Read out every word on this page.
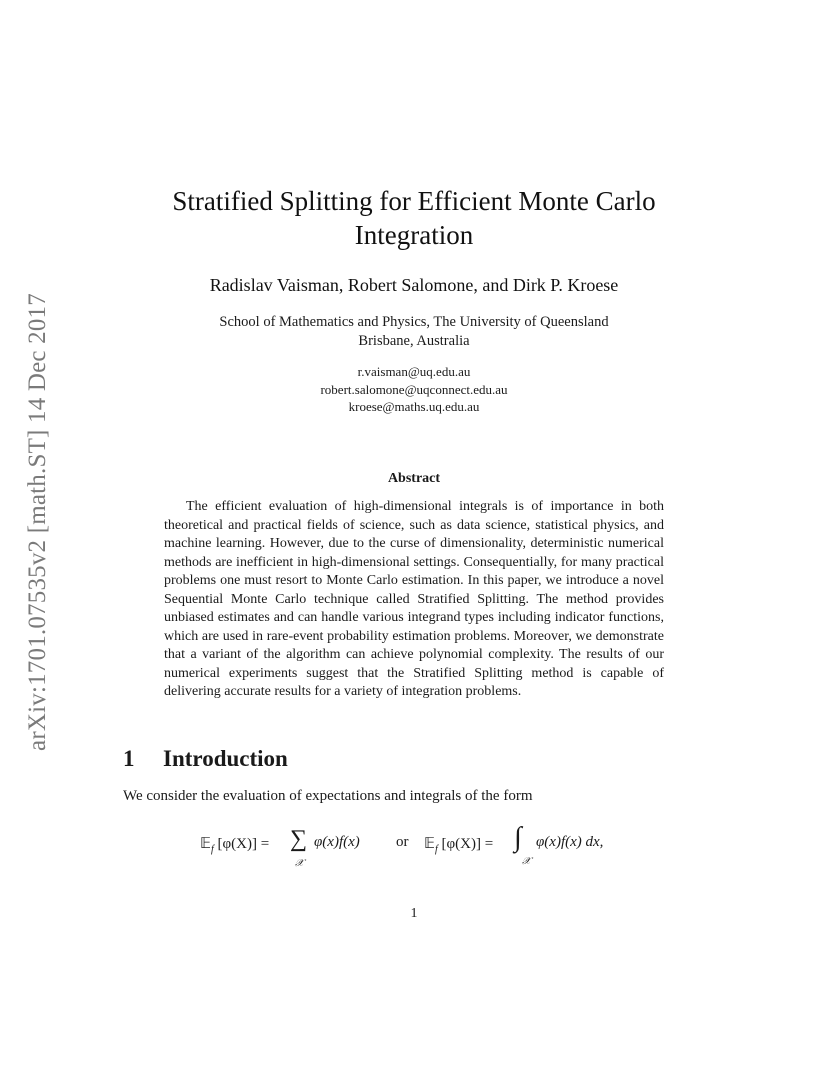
arXiv:1701.07535v2 [math.ST] 14 Dec 2017
Stratified Splitting for Efficient Monte Carlo
Integration
Radislav Vaisman, Robert Salomone, and Dirk P. Kroese
School of Mathematics and Physics, The University of Queensland
Brisbane, Australia
r.vaisman@uq.edu.au
robert.salomone@uqconnect.edu.au
kroese@maths.uq.edu.au
Abstract

The efficient evaluation of high-dimensional integrals is of importance in both theoretical and practical fields of science, such as data science, statistical physics, and machine learning. However, due to the curse of dimensionality, deterministic numerical methods are inefficient in high-dimensional settings. Consequentially, for many practical problems one must resort to Monte Carlo estimation. In this paper, we introduce a novel Sequential Monte Carlo technique called Stratified Splitting. The method provides unbiased estimates and can handle various integrand types including indicator functions, which are used in rare-event probability estimation problems. Moreover, we demonstrate that a variant of the algorithm can achieve polynomial complexity. The results of our numerical experiments suggest that the Stratified Splitting method is capable of delivering accurate results for a variety of integration problems.

1 Introduction
We consider the evaluation of expectations and integrals of the form
𝔼$_f$ [φ(X)] = ∑
𝒳
φ(x)f(x) or 𝔼$_f$ [φ(X)] = ∫
𝒳
φ(x)f(x) dx,
1
